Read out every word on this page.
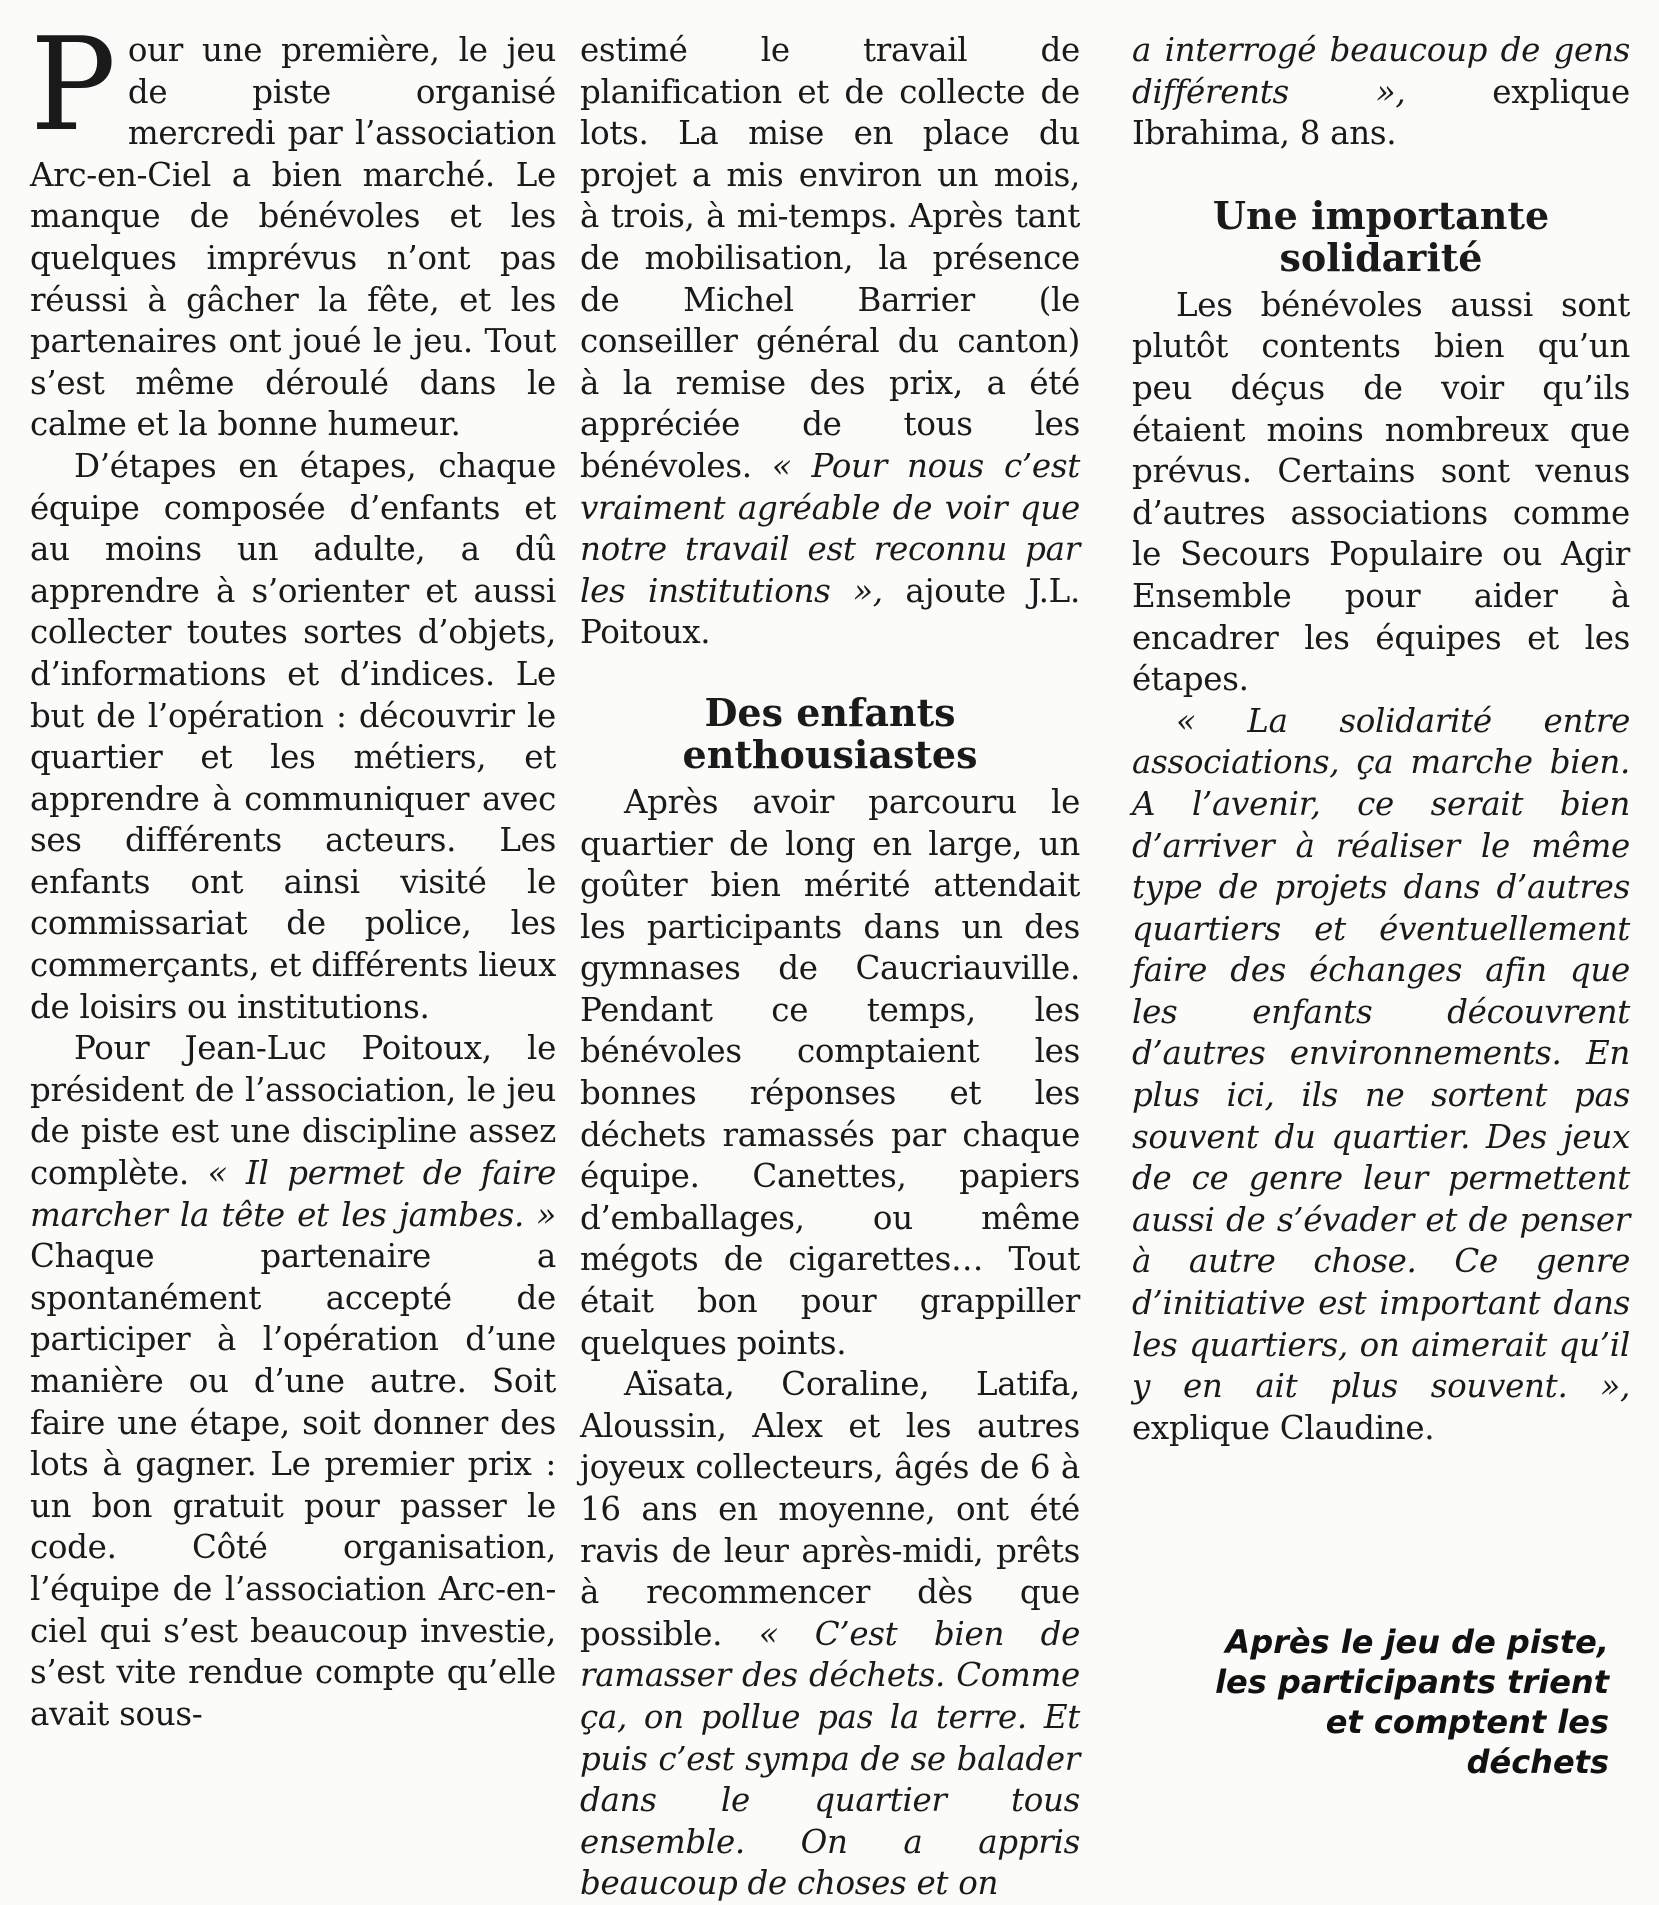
Pour une première, le jeu de piste organisé mercredi par l’association Arc-en-Ciel a bien marché. Le manque de bénévoles et les quelques imprévus n’ont pas réussi à gâcher la fête, et les partenaires ont joué le jeu. Tout s’est même déroulé dans le calme et la bonne humeur.

D’étapes en étapes, chaque équipe composée d’enfants et au moins un adulte, a dû apprendre à s’orienter et aussi collecter toutes sortes d’objets, d’informations et d’indices. Le but de l’opération : découvrir le quartier et les métiers, et apprendre à communiquer avec ses différents acteurs. Les enfants ont ainsi visité le commissariat de police, les commerçants, et différents lieux de loisirs ou institutions.

Pour Jean-Luc Poitoux, le président de l’association, le jeu de piste est une discipline assez complète. « Il permet de faire marcher la tête et les jambes. » Chaque partenaire a spontanément accepté de participer à l’opération d’une manière ou d’une autre. Soit faire une étape, soit donner des lots à gagner. Le premier prix : un bon gratuit pour passer le code. Côté organisation, l’équipe de l’association Arc-en-ciel qui s’est beaucoup investie, s’est vite rendue compte qu’elle avait sous-

estimé le travail de planification et de collecte de lots. La mise en place du projet a mis environ un mois, à trois, à mi-temps. Après tant de mobilisation, la présence de Michel Barrier (le conseiller général du canton) à la remise des prix, a été appréciée de tous les bénévoles. « Pour nous c’est vraiment agréable de voir que notre travail est reconnu par les institutions », ajoute J.L. Poitoux.

Des enfants enthousiastes

Après avoir parcouru le quartier de long en large, un goûter bien mérité attendait les participants dans un des gymnases de Caucriauville. Pendant ce temps, les bénévoles comptaient les bonnes réponses et les déchets ramassés par chaque équipe. Canettes, papiers d’emballages, ou même mégots de cigarettes… Tout était bon pour grappiller quelques points.

Aïsata, Coraline, Latifa, Aloussin, Alex et les autres joyeux collecteurs, âgés de 6 à 16 ans en moyenne, ont été ravis de leur après-midi, prêts à recommencer dès que possible. « C’est bien de ramasser des déchets. Comme ça, on pollue pas la terre. Et puis c’est sympa de se balader dans le quartier tous ensemble. On a appris beaucoup de choses et on

a interrogé beaucoup de gens différents »,	explique Ibrahima, 8 ans.

Une importante solidarité

Les bénévoles aussi sont plutôt contents bien qu’un peu déçus de voir qu’ils étaient moins nombreux que prévus. Certains sont venus d’autres associations comme le Secours Populaire ou Agir Ensemble pour aider à encadrer les équipes et les étapes.

« La solidarité entre associations, ça marche bien. A l’avenir, ce serait bien d’arriver à réaliser le même type de projets dans d’autres quartiers et éventuellement faire des échanges afin que les enfants découvrent d’autres environnements. En plus ici, ils ne sortent pas souvent du quartier. Des jeux de ce genre leur permettent aussi de s’évader et de penser à autre chose. Ce genre d’initiative est important dans les quartiers, on aimerait qu’il y en ait plus souvent. », explique Claudine.

Après le jeu de piste, les participants trient et comptent les déchets
